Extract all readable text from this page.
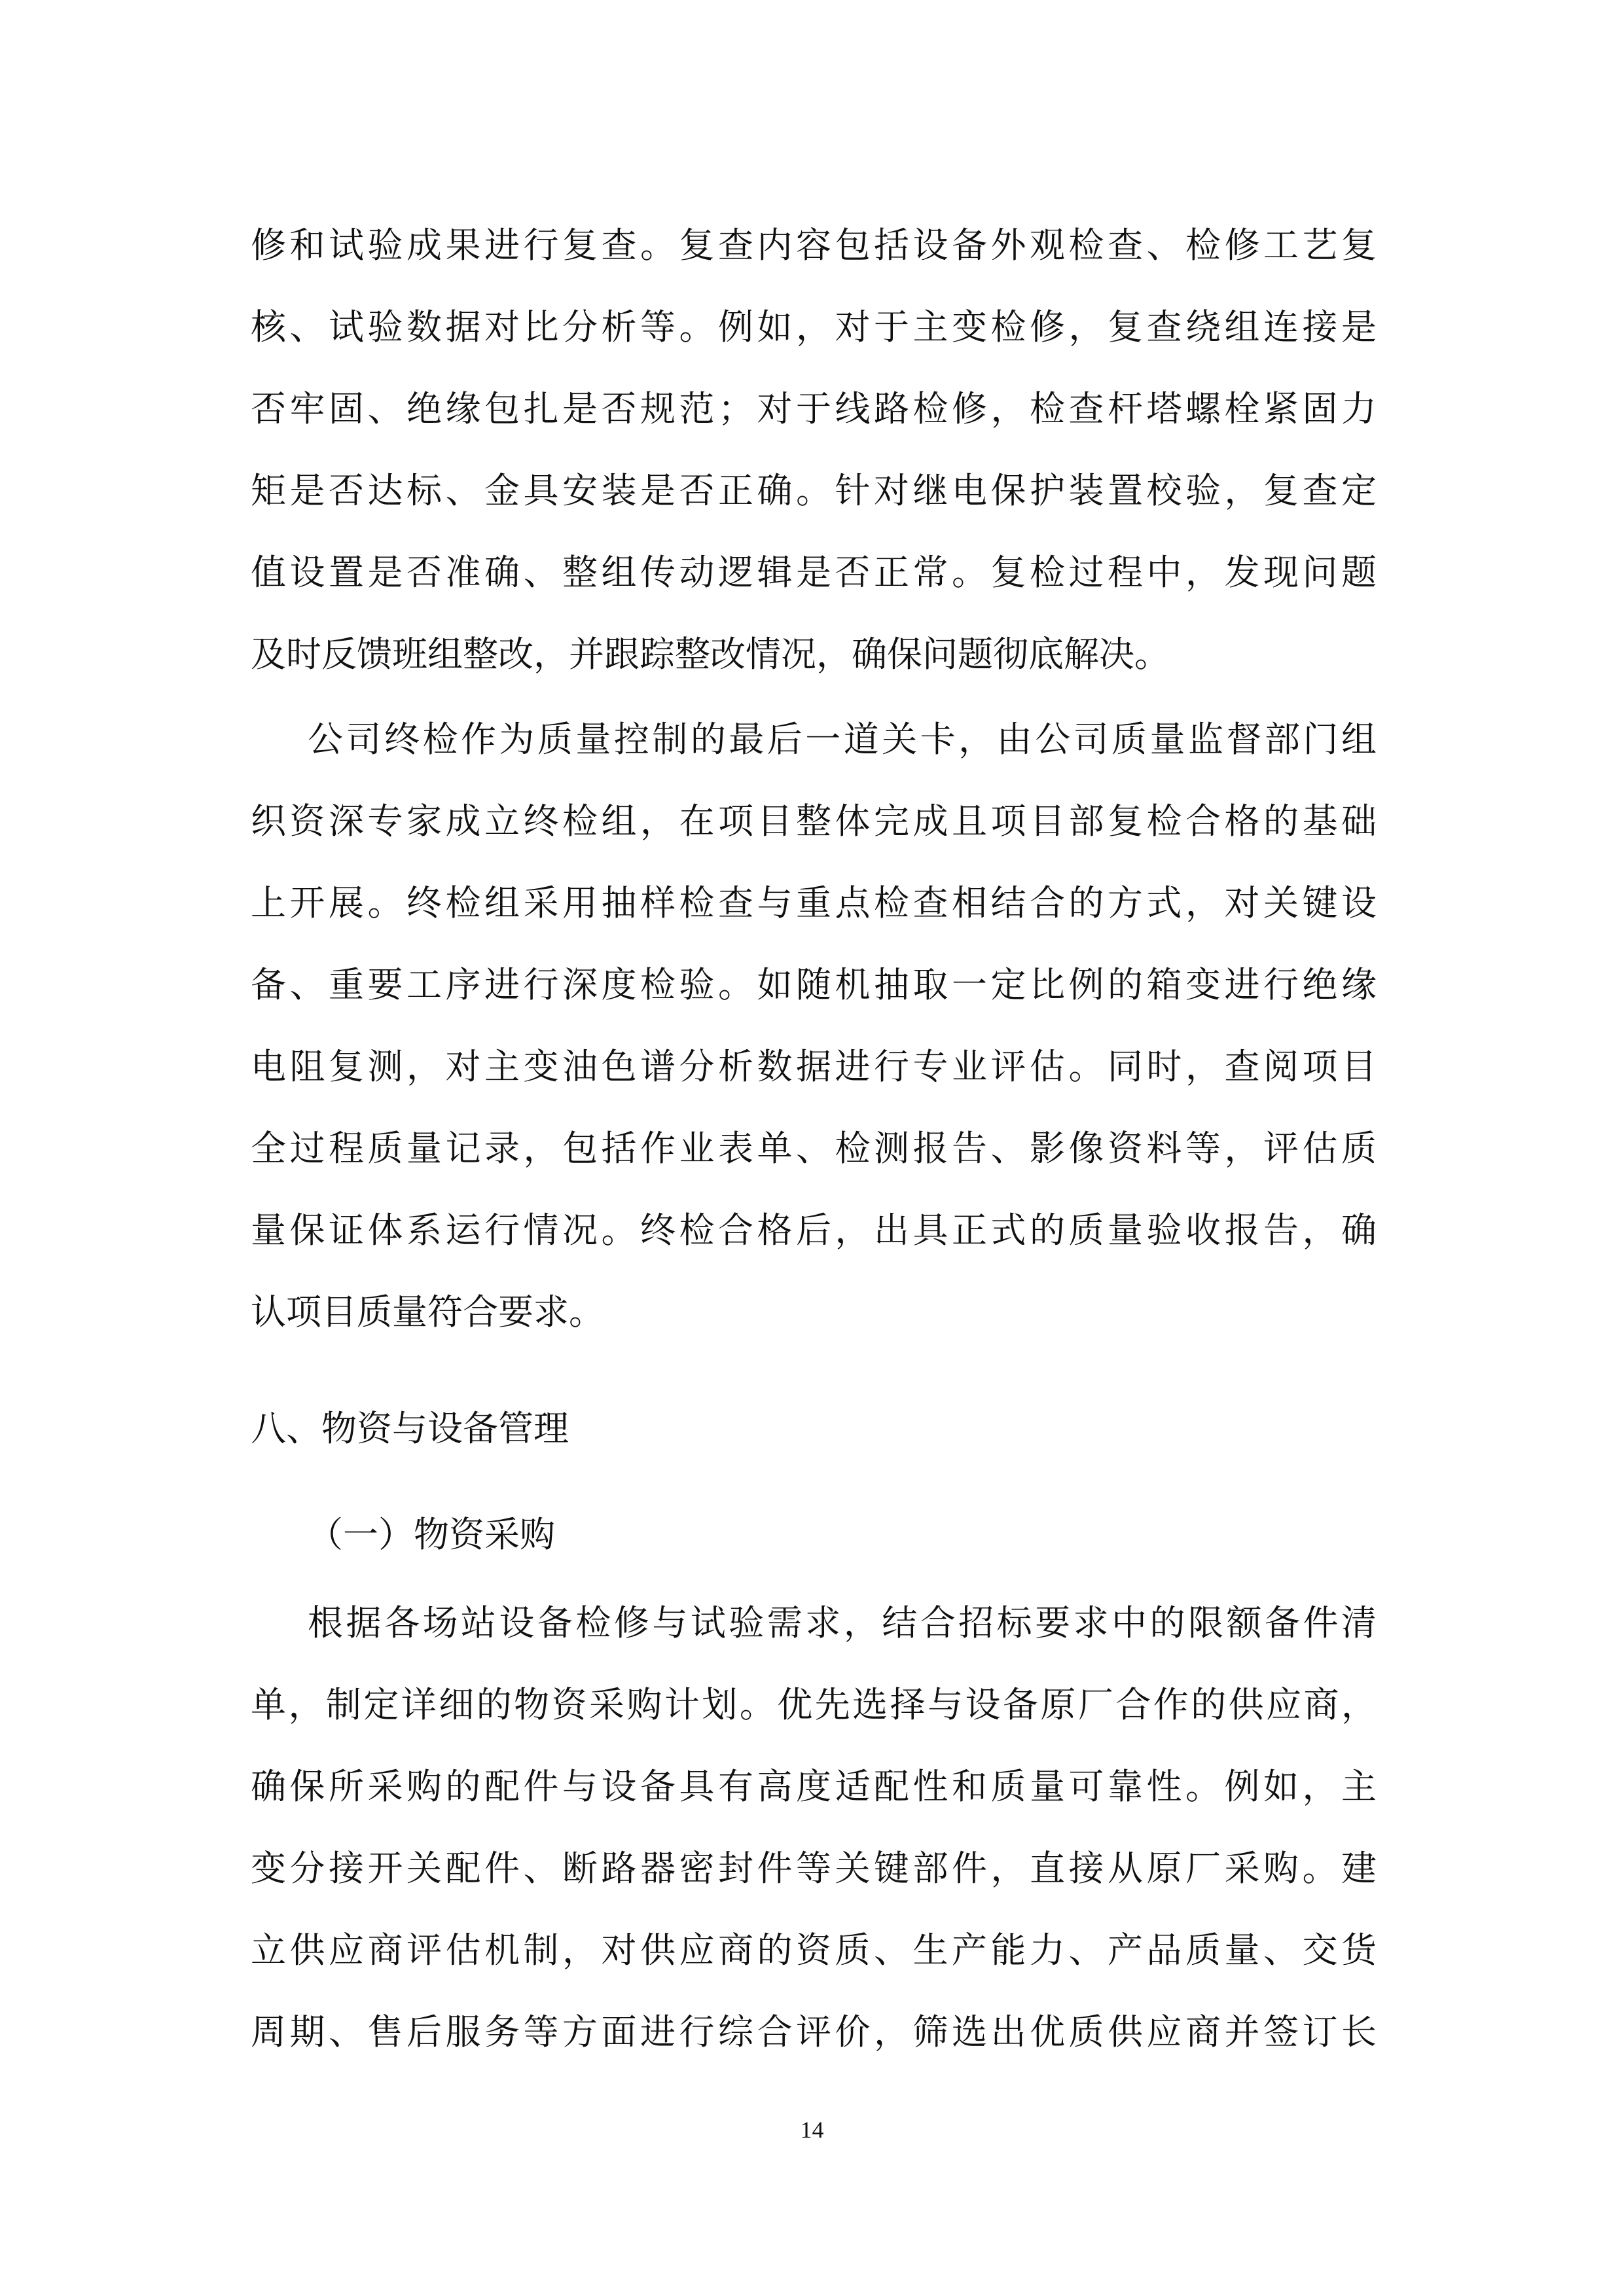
修和试验成果进行复查。复查内容包括设备外观检查、检修工艺复
核、试验数据对比分析等。例如，对于主变检修，复查绕组连接是
否牢固、绝缘包扎是否规范；对于线路检修，检查杆塔螺栓紧固力
矩是否达标、金具安装是否正确。针对继电保护装置校验，复查定
值设置是否准确、整组传动逻辑是否正常。复检过程中，发现问题
及时反馈班组整改，并跟踪整改情况，确保问题彻底解决。
公司终检作为质量控制的最后一道关卡，由公司质量监督部门组
织资深专家成立终检组，在项目整体完成且项目部复检合格的基础
上开展。终检组采用抽样检查与重点检查相结合的方式，对关键设
备、重要工序进行深度检验。如随机抽取一定比例的箱变进行绝缘
电阻复测，对主变油色谱分析数据进行专业评估。同时，查阅项目
全过程质量记录，包括作业表单、检测报告、影像资料等，评估质
量保证体系运行情况。终检合格后，出具正式的质量验收报告，确
认项目质量符合要求。
八、物资与设备管理
（一）物资采购
根据各场站设备检修与试验需求，结合招标要求中的限额备件清
单，制定详细的物资采购计划。优先选择与设备原厂合作的供应商，
确保所采购的配件与设备具有高度适配性和质量可靠性。例如，主
变分接开关配件、断路器密封件等关键部件，直接从原厂采购。建
立供应商评估机制，对供应商的资质、生产能力、产品质量、交货
周期、售后服务等方面进行综合评价，筛选出优质供应商并签订长
14
